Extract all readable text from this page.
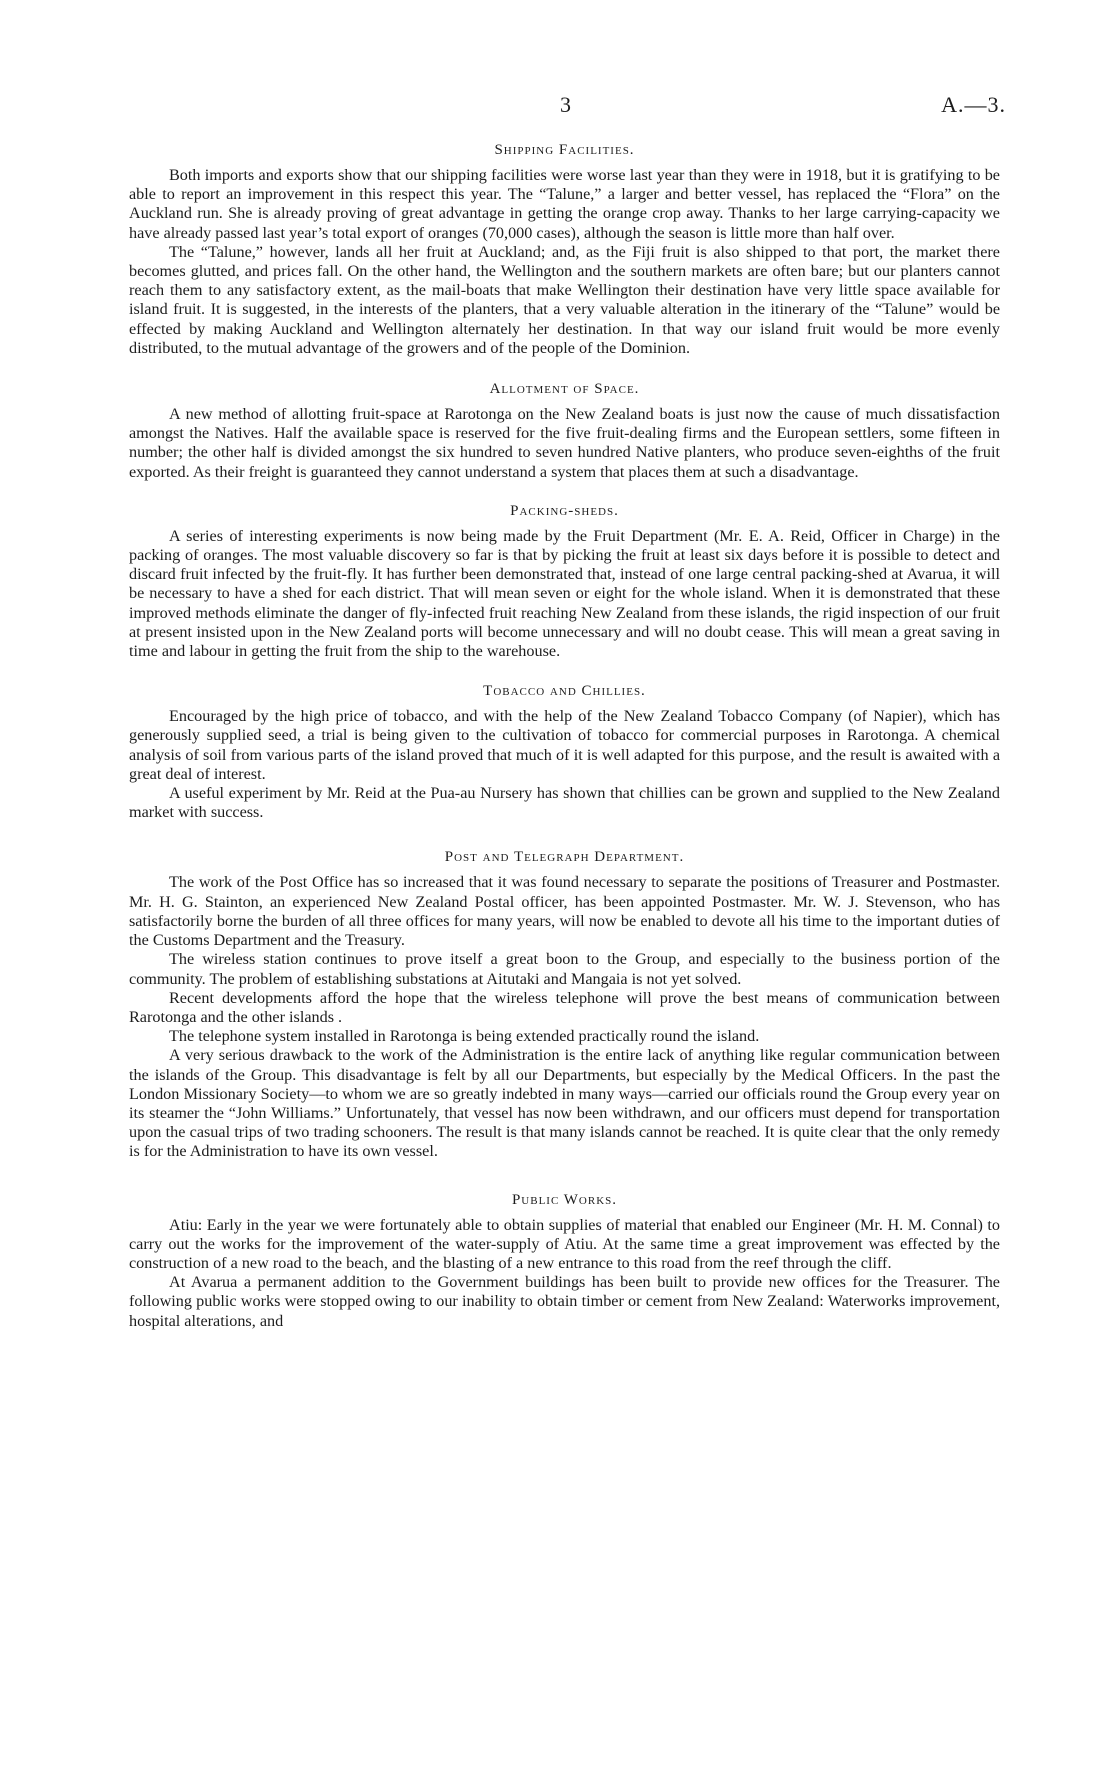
3	A.—3.
Shipping Facilities.

Both imports and exports show that our shipping facilities were worse last year than they were in 1918, but it is gratifying to be able to report an improvement in this respect this year. The “Talune,” a larger and better vessel, has replaced the “Flora” on the Auckland run. She is already proving of great advantage in getting the orange crop away. Thanks to her large carrying-capacity we have already passed last year’s total export of oranges (70,000 cases), although the season is little more than half over.

The “Talune,” however, lands all her fruit at Auckland; and, as the Fiji fruit is also shipped to that port, the market there becomes glutted, and prices fall. On the other hand, the Wellington and the southern markets are often bare; but our planters cannot reach them to any satisfactory extent, as the mail-boats that make Wellington their destination have very little space available for island fruit. It is suggested, in the interests of the planters, that a very valuable alteration in the itinerary of the “Talune” would be effected by making Auckland and Wellington alternately her destination. In that way our island fruit would be more evenly distributed, to the mutual advantage of the growers and of the people of the Dominion.

Allotment of Space.

A new method of allotting fruit-space at Rarotonga on the New Zealand boats is just now the cause of much dissatisfaction amongst the Natives. Half the available space is reserved for the five fruit-dealing firms and the European settlers, some fifteen in number; the other half is divided amongst the six hundred to seven hundred Native planters, who produce seven-eighths of the fruit exported. As their freight is guaranteed they cannot understand a system that places them at such a disadvantage.

Packing-sheds.

A series of interesting experiments is now being made by the Fruit Department (Mr. E. A. Reid, Officer in Charge) in the packing of oranges. The most valuable discovery so far is that by picking the fruit at least six days before it is possible to detect and discard fruit infected by the fruit-fly. It has further been demonstrated that, instead of one large central packing-shed at Avarua, it will be necessary to have a shed for each district. That will mean seven or eight for the whole island. When it is demonstrated that these improved methods eliminate the danger of fly-infected fruit reaching New Zealand from these islands, the rigid inspection of our fruit at present insisted upon in the New Zealand ports will become unnecessary and will no doubt cease. This will mean a great saving in time and labour in getting the fruit from the ship to the warehouse.

Tobacco and Chillies.

Encouraged by the high price of tobacco, and with the help of the New Zealand Tobacco Company (of Napier), which has generously supplied seed, a trial is being given to the cultivation of tobacco for commercial purposes in Rarotonga. A chemical analysis of soil from various parts of the island proved that much of it is well adapted for this purpose, and the result is awaited with a great deal of interest.

A useful experiment by Mr. Reid at the Pua-au Nursery has shown that chillies can be grown and supplied to the New Zealand market with success.

Post and Telegraph Department.

The work of the Post Office has so increased that it was found necessary to separate the positions of Treasurer and Postmaster. Mr. H. G. Stainton, an experienced New Zealand Postal officer, has been appointed Postmaster. Mr. W. J. Stevenson, who has satisfactorily borne the burden of all three offices for many years, will now be enabled to devote all his time to the important duties of the Customs Department and the Treasury.

The wireless station continues to prove itself a great boon to the Group, and especially to the business portion of the community. The problem of establishing substations at Aitutaki and Mangaia is not yet solved.

Recent developments afford the hope that the wireless telephone will prove the best means of communication between Rarotonga and the other islands .

The telephone system installed in Rarotonga is being extended practically round the island.

A very serious drawback to the work of the Administration is the entire lack of anything like regular communication between the islands of the Group. This disadvantage is felt by all our Departments, but especially by the Medical Officers. In the past the London Missionary Society—to whom we are so greatly indebted in many ways—carried our officials round the Group every year on its steamer the “John Williams.” Unfortunately, that vessel has now been withdrawn, and our officers must depend for transportation upon the casual trips of two trading schooners. The result is that many islands cannot be reached. It is quite clear that the only remedy is for the Administration to have its own vessel.

Public Works.

Atiu: Early in the year we were fortunately able to obtain supplies of material that enabled our Engineer (Mr. H. M. Connal) to carry out the works for the improvement of the water-supply of Atiu. At the same time a great improvement was effected by the construction of a new road to the beach, and the blasting of a new entrance to this road from the reef through the cliff.

At Avarua a permanent addition to the Government buildings has been built to provide new offices for the Treasurer. The following public works were stopped owing to our inability to obtain timber or cement from New Zealand: Waterworks improvement, hospital alterations, and
